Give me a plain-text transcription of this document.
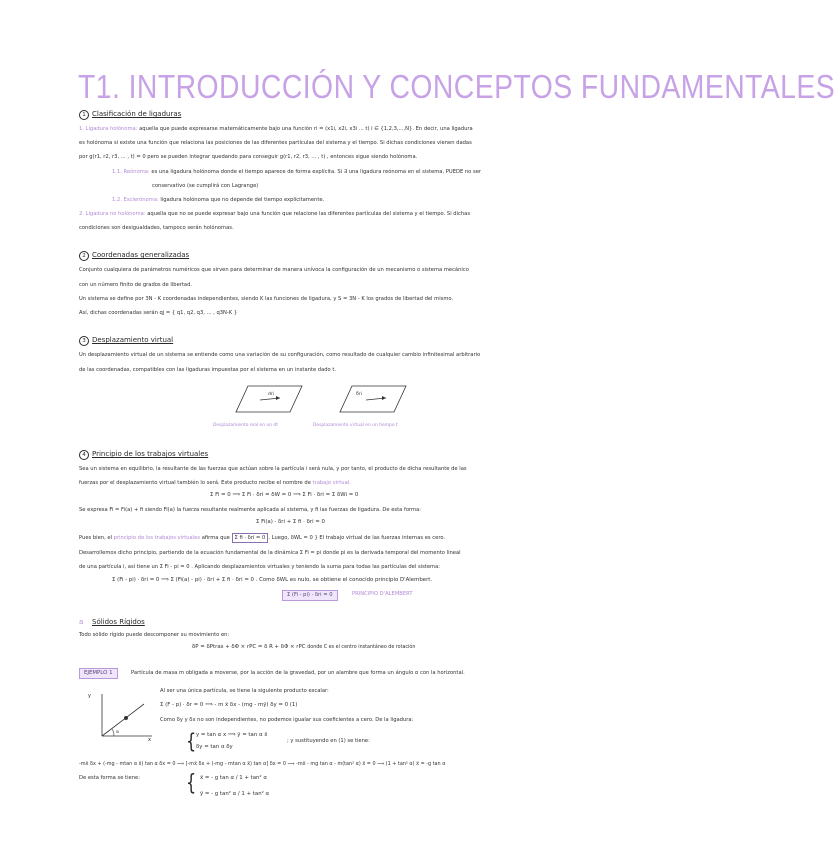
T1. INTRODUCCIÓN Y CONCEPTOS FUNDAMENTALES
1 Clasificación de ligaduras
1. Ligadura holónoma: aquella que puede expresarse matemáticamente bajo una función ri = (x1i, x2i, x3i ... t) i ∈ {1,2,3,...,N}. En decir, una ligadura
es holónoma si existe una función que relaciona las posiciones de las diferentes partículas del sistema y el tiempo. Si dichas condiciones vienen dadas
por g(r1, r2, r3, ... , t) = 0 pero se pueden integrar quedando para conseguir g(r1, r2, r3, ... , t) , entonces sigue siendo holónoma.
1.1. Reónoma: es una ligadura holónoma donde el tiempo aparece de forma explícita. Si ∃ una ligadura reónoma en el sistema, PUEDE no ser
conservativo (se cumplirá con Lagrange)
1.2. Esclerónoma: ligadura holónoma que no depende del tiempo explícitamente.
2. Ligadura no holónoma: aquella que no se puede expresar bajo una función que relacione las diferentes partículas del sistema y el tiempo. Si dichas
condiciones son desigualdades, tampoco serán holónomas.
2 Coordenadas generalizadas
Conjunto cualquiera de parámetros numéricos que sirven para determinar de manera unívoca la configuración de un mecanismo o sistema mecánico
con un número finito de grados de libertad.
Un sistema se define por 3N - K coordenadas independientes, siendo K las funciones de ligadura, y S = 3N - K los grados de libertad del mismo.
Así, dichas coordenadas serán qj = { q1, q2, q3, ... , q3N-K }
3 Desplazamiento virtual
Un desplazamiento virtual de un sistema se entiende como una variación de su configuración, como resultado de cualquier cambio infinitesimal arbitrario
de las coordenadas, compatibles con las ligaduras impuestas por el sistema en un instante dado t.
dri	δri
Desplazamiento real en un dt	Desplazamiento virtual en un tiempo t
4 Principio de los trabajos virtuales
Sea un sistema en equilibrio, la resultante de las fuerzas que actúan sobre la partícula i será nula, y por tanto, el producto de dicha resultante de las
fuerzas por el desplazamiento virtual también lo será. Este producto recibe el nombre de trabajo virtual.
Σ Fi = 0 ⟹ Σ Fi · δri = δW = 0 ⟹ Σ Fi · δri = Σ δWi = 0
Se expresa Fi = Fi(a) + fi siendo Fi(a) la fuerza resultante realmente aplicada al sistema, y fi las fuerzas de ligadura. De esta forma:
Σ Fi(a) · δri + Σ fi · δri = 0
Pues bien, el principio de los trabajos virtuales afirma que Σ fi · δri = 0 . Luego, δWL = 0 } El trabajo virtual de las fuerzas internas es cero.
Desarrollemos dicho principio, partiendo de la ecuación fundamental de la dinámica Σ Fi = pi donde pi es la derivada temporal del momento lineal
de una partícula i, así tiene un Σ Fi - pi = 0 . Aplicando desplazamientos virtuales y teniendo la suma para todas las partículas del sistema:
Σ (Fi - pi) · δri = 0 ⟹ Σ (Fi(a) - pi) · δri + Σ fi · δri = 0 . Como δWL es nulo, se obtiene el conocido principio D'Alembert.
Σ (Fi - pi) · δri = 0	PRINCIPIO D'ALEMBERT
a Sólidos Rígidos
Todo sólido rígido puede descomponer su movimiento en:
δP = δPtras + δΦ × rPC = δ R + δΦ × rPC donde C es el centro instantáneo de rotación
EJEMPLO 1	Partícula de masa m obligada a moverse, por la acción de la gravedad, por un alambre que forma un ángulo α con la horizontal.
Al ser una única partícula, se tiene la siguiente producto escalar:
Σ (F - p) · δr = 0 ⟹ - m ẍ δx - (mg - mÿ) δy = 0 (1)
Como δy y δx no son independientes, no podemos igualar sus coeficientes a cero. De la ligadura:
y
x
α	{ y = tan α x ⟹ ÿ = tan α ẍ
δy = tan α δy
; y sustituyendo en (1) se tiene:
-mẍ δx + (-mg - mtan α ẍ) tan α δx = 0 ⟹ [-mẍ δx + (-mg - mtan α ẍ) tan α] δx = 0 ⟹ -mẍ - mg tan α - m(tan² α) ẍ = 0 ⟹ (1 + tan² α) ẍ = -g tan α
De esta forma se tiene:	{ ẍ = - g tan α / 1 + tan² α
ÿ = - g tan² α / 1 + tan² α
